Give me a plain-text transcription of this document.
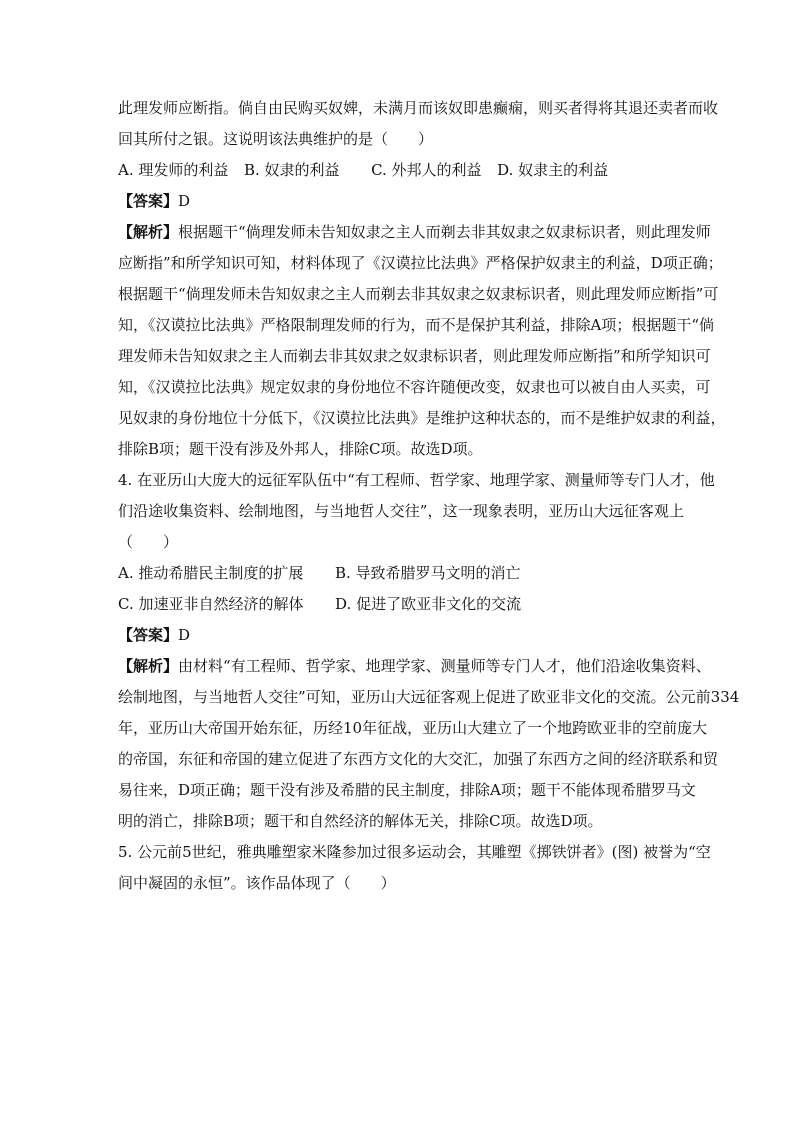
此理发师应断指。倘自由民购买奴婢，未满月而该奴即患癫痫，则买者得将其退还卖者而收
回其所付之银。这说明该法典维护的是（　　）
A. 理发师的利益 B. 奴隶的利益 C. 外邦人的利益 D. 奴隶主的利益
【答案】D
【解析】根据题干“倘理发师未告知奴隶之主人而剃去非其奴隶之奴隶标识者，则此理发师
应断指”和所学知识可知，材料体现了《汉谟拉比法典》严格保护奴隶主的利益，D项正确；
根据题干“倘理发师未告知奴隶之主人而剃去非其奴隶之奴隶标识者，则此理发师应断指”可
知，《汉谟拉比法典》严格限制理发师的行为，而不是保护其利益，排除A项；根据题干“倘
理发师未告知奴隶之主人而剃去非其奴隶之奴隶标识者，则此理发师应断指”和所学知识可
知，《汉谟拉比法典》规定奴隶的身份地位不容许随便改变，奴隶也可以被自由人买卖，可
见奴隶的身份地位十分低下，《汉谟拉比法典》是维护这种状态的，而不是维护奴隶的利益，
排除B项；题干没有涉及外邦人，排除C项。故选D项。
4. 在亚历山大庞大的远征军队伍中“有工程师、哲学家、地理学家、测量师等专门人才，他
们沿途收集资料、绘制地图，与当地哲人交往”，这一现象表明，亚历山大远征客观上
（　　）
A. 推动希腊民主制度的扩展 B. 导致希腊罗马文明的消亡
C. 加速亚非自然经济的解体 D. 促进了欧亚非文化的交流
【答案】D
【解析】由材料“有工程师、哲学家、地理学家、测量师等专门人才，他们沿途收集资料、
绘制地图，与当地哲人交往”可知，亚历山大远征客观上促进了欧亚非文化的交流。公元前334
年，亚历山大帝国开始东征，历经10年征战，亚历山大建立了一个地跨欧亚非的空前庞大
的帝国，东征和帝国的建立促进了东西方文化的大交汇，加强了东西方之间的经济联系和贸
易往来，D项正确；题干没有涉及希腊的民主制度，排除A项；题干不能体现希腊罗马文
明的消亡，排除B项；题干和自然经济的解体无关，排除C项。故选D项。
5. 公元前5世纪，雅典雕塑家米隆参加过很多运动会，其雕塑《掷铁饼者》(图) 被誉为“空
间中凝固的永恒”。该作品体现了（　　）
